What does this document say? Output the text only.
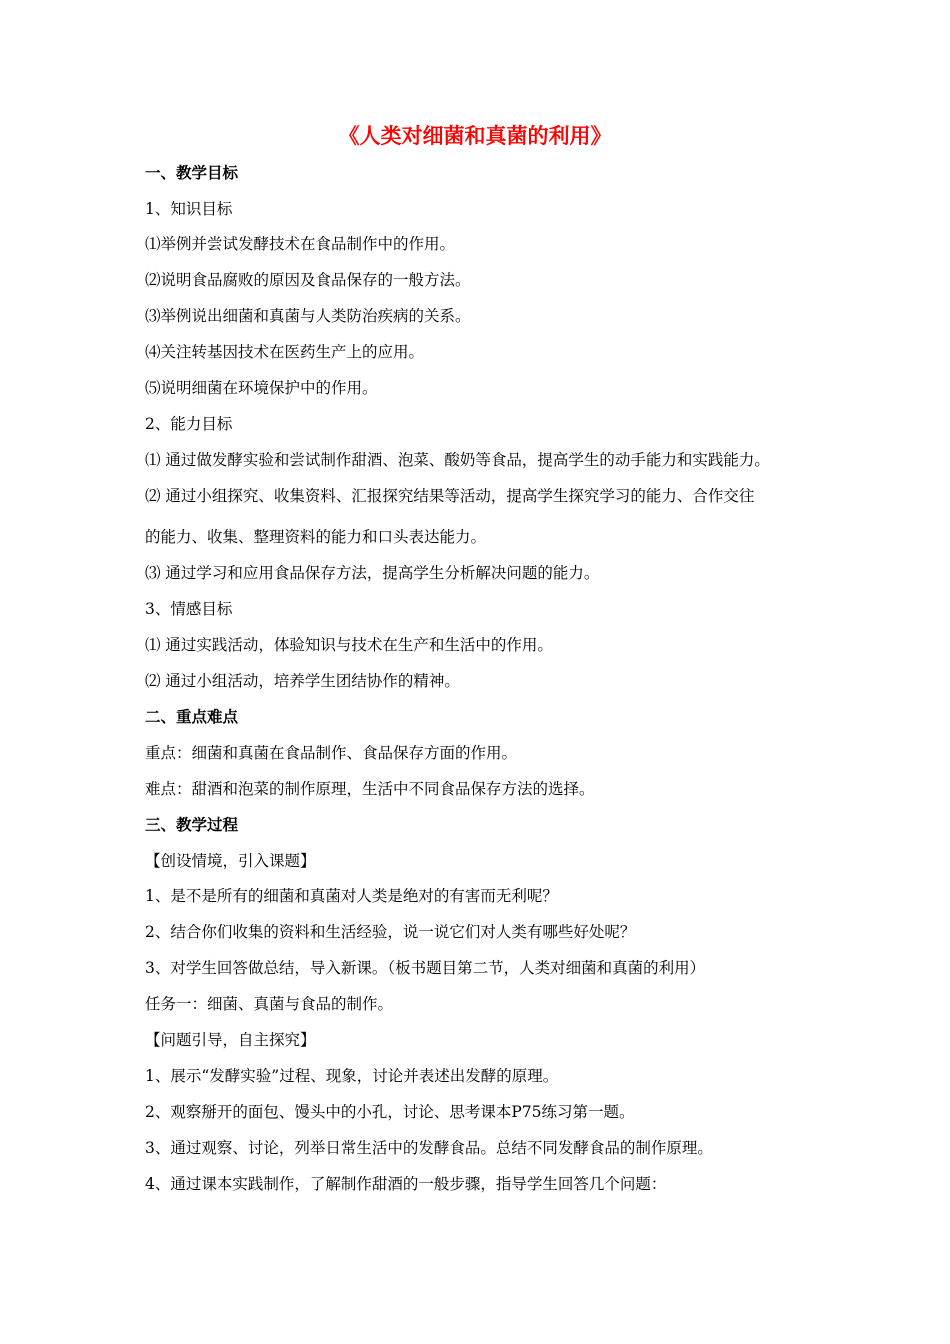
《人类对细菌和真菌的利用》
一、教学目标
1、知识目标
⑴举例并尝试发酵技术在食品制作中的作用。
⑵说明食品腐败的原因及食品保存的一般方法。
⑶举例说出细菌和真菌与人类防治疾病的关系。
⑷关注转基因技术在医药生产上的应用。
⑸说明细菌在环境保护中的作用。
2、能力目标
⑴ 通过做发酵实验和尝试制作甜酒、泡菜、酸奶等食品，提高学生的动手能力和实践能力。
⑵ 通过小组探究、收集资料、汇报探究结果等活动，提高学生探究学习的能力、合作交往
的能力、收集、整理资料的能力和口头表达能力。
⑶ 通过学习和应用食品保存方法，提高学生分析解决问题的能力。
3、情感目标
⑴ 通过实践活动，体验知识与技术在生产和生活中的作用。
⑵ 通过小组活动，培养学生团结协作的精神。
二、重点难点
重点：细菌和真菌在食品制作、食品保存方面的作用。
难点：甜酒和泡菜的制作原理，生活中不同食品保存方法的选择。
三、教学过程
【创设情境，引入课题】
1、是不是所有的细菌和真菌对人类是绝对的有害而无利呢？
2、结合你们收集的资料和生活经验，说一说它们对人类有哪些好处呢？
3、对学生回答做总结，导入新课。（板书题目第二节，人类对细菌和真菌的利用）
任务一：细菌、真菌与食品的制作。
【问题引导，自主探究】
1、展示“发酵实验”过程、现象，讨论并表述出发酵的原理。
2、观察掰开的面包、馒头中的小孔，讨论、思考课本P75练习第一题。
3、通过观察、讨论，列举日常生活中的发酵食品。总结不同发酵食品的制作原理。
4、通过课本实践制作，了解制作甜酒的一般步骤，指导学生回答几个问题：
